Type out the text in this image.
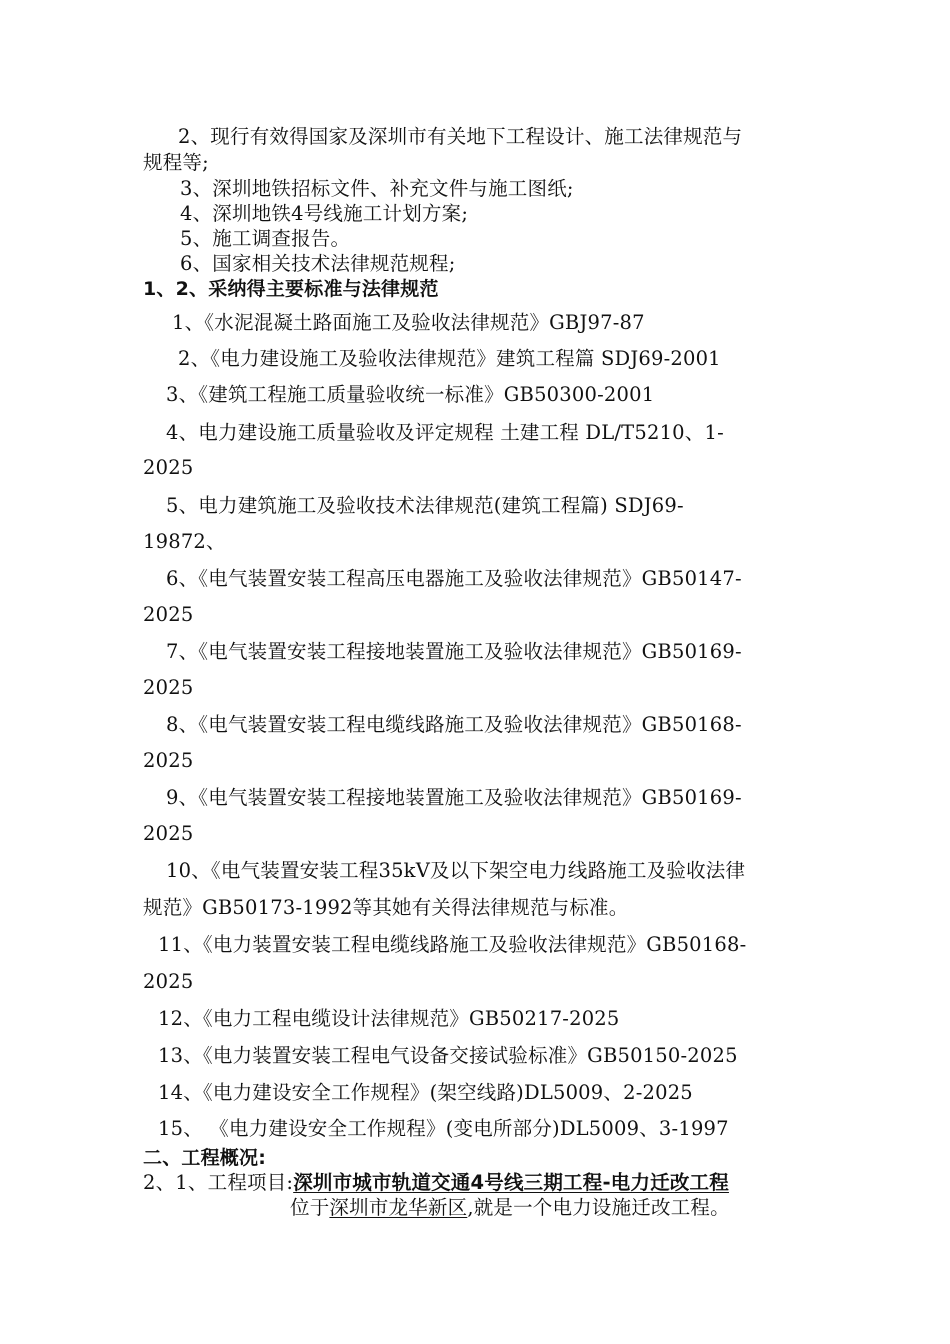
2、现行有效得国家及深圳市有关地下工程设计、施工法律规范与
规程等;
3、深圳地铁招标文件、补充文件与施工图纸;
4、深圳地铁4号线施工计划方案;
5、施工调查报告。
6、国家相关技术法律规范规程;
1、2、采纳得主要标准与法律规范
1、《水泥混凝土路面施工及验收法律规范》GBJ97-87
2、《电力建设施工及验收法律规范》建筑工程篇 SDJ69-2001
3、《建筑工程施工质量验收统一标准》GB50300-2001
4、电力建设施工质量验收及评定规程 土建工程 DL/T5210、1-
2025
5、电力建筑施工及验收技术法律规范(建筑工程篇) SDJ69-
19872、
6、《电气装置安装工程高压电器施工及验收法律规范》GB50147-
2025
7、《电气装置安装工程接地装置施工及验收法律规范》GB50169-
2025
8、《电气装置安装工程电缆线路施工及验收法律规范》GB50168-
2025
9、《电气装置安装工程接地装置施工及验收法律规范》GB50169-
2025
10、《电气装置安装工程35kV及以下架空电力线路施工及验收法律
规范》GB50173-1992等其她有关得法律规范与标准。
11、《电力装置安装工程电缆线路施工及验收法律规范》GB50168-
2025
12、《电力工程电缆设计法律规范》GB50217-2025
13、《电力装置安装工程电气设备交接试验标准》GB50150-2025
14、《电力建设安全工作规程》(架空线路)DL5009、2-2025
15、 《电力建设安全工作规程》(变电所部分)DL5009、3-1997
二、工程概况:
2、1、工程项目:深圳市城市轨道交通4号线三期工程-电力迁改工程
位于深圳市龙华新区,就是一个电力设施迁改工程。
